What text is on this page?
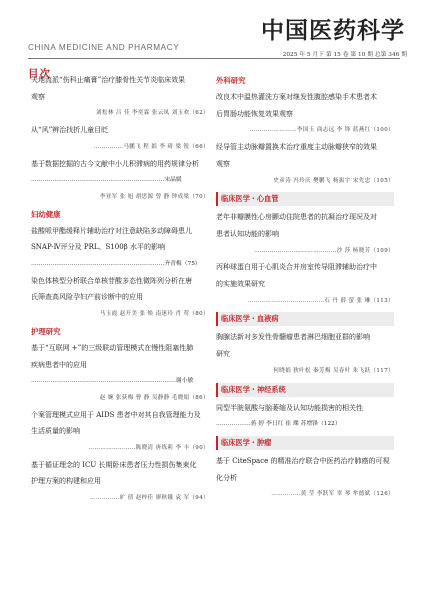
中国医药科学
CHINA MEDICINE AND PHARMACY
2025 年 5 月下 第 15 卷 第 10 期 总第 346 期
目次
天地流派“伤科止痛膏”治疗膝骨性关节炎临床效果
观察
刘松林 吕 佳 李奕霖 张云凤 刘玉欢（62）
从“风”辨治找折儿童目眨
……………马鹏飞 程 娟 李 琦 梁 锐（66）
基于数据挖掘的古今文献中小儿积滞病的用药规律分析
……………………………………………………………宋晶媛
李亚军 张 旭 胡思源 曾 静 钟成梁（70）
妇幼健康
盐酸哌甲酯缓释片辅助治疗对注意缺陷多动障碍患儿
SNAP-Ⅳ评分及 PRL、S100β 水平的影响
……………………………………………………………齐青梅（75）
染色体核型分析联合单核苷酸多态性微阵列分析在唐
氏筛查高风险孕妇产前诊断中的应用
马玉霞 赵开美 张 焕 南迷玲 肖 莺（80）
护理研究
基于“互联网 +”的三级联动管理模式在慢性阻塞性肺
疾病患者中的应用
…………………………………………………………………谢小敏
赵 婉 张荻梅 曹 静 吴静静 毛晓娟（86）
个案管理模式应用于 AIDS 患者中对其自我管理能力及
生活质量的影响
……………………陈晓清 唐练莉 李 丰（90）
基于循证理念的 ICU 长期卧床患者压力性损伤集束化
护理方案的构建和应用
……………旷 倩 赵梓佳 廖秋娥 袁 军（94）
外科研究
改良术中温热灌洗方案对继发性腹腔感染手术患者术
后胃肠功能恢复效果观察
……………………李国玉 商志远 李 锋 蓝燕红（100）
经导管主动脉瓣置换术治疗重度主动脉瓣狭窄的效果
观察
史彦涛 冯玲庆 樊鹏飞 杨振宇 宋先忠（105）
临床医学・心血管
老年非瓣膜性心房颤动住院患者的抗凝治疗现况及对
患者认知功能的影响
……………………………………沙 莎 杨晓芳（109）
丙种球蛋白用于心肌炎合并房室传导阻滞辅助治疗中
的实施效果研究
…………………………………石 丹 薛 萤 张 琳（113）
临床医学・血液病
胸腺法新对多发性骨髓瘤患者淋巴细胞亚群的影响
研究
何晓娟 狄叶松 秦芳梅 吴春叶 朱飞跃（117）
临床医学・神经系统
同型半胱氨酸与脑萎缩及认知功能损害的相关性
………………蒋 婷 李日红 崔 璨 苏增锋（122）
临床医学・肿瘤
基于 CiteSpace 的精准治疗联合中医药治疗肺癌的可视
化分析
……………黄 莹 李跃军 辜 琴 牟德斌（126）
